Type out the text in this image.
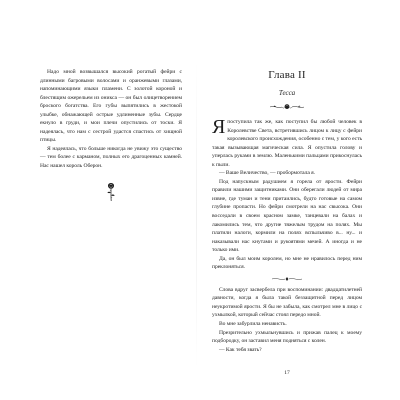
Надо мной возвышался высокий рогатый фейри с длинными багровыми волосами и оранжевыми глазами, напоминающими языки пламени. С золотой короной и блестящим ожерельем из оникса — он был олицетворением броского богатства. Его губы выпятились в жестокой улыбке, обнажающей острые удлиненные зубы. Сердце екнуло в груди, и мои плечи опустились от тоски. Я надеялась, что нам с сестрой удастся спастись от хищной птицы.

Я надеялась, что больше никогда не увижу это существо — тем более с карманом, полных его драгоценных камней. Нас нашел король Оберон.

Глава II
Тесса

Япоступила так же, как поступил бы любой человек в Королевстве Света, встретившись лицом к лицу с фейри королевского происхождения, особенно с тем, у кого есть такая вызывающая магическая сила. Я опустила голову и уперлась руками в землю. Маленькими пальцами прикоснулась к пыли.

— Ваше Величество, — пробормотала я.

Под напускным радушием я горела от ярости. Фейри правили нашими защитниками. Они оберегали людей от мира извне, где туман и тени притаились, будто готовые на самом глубине пропасти. Но фейри смотрели на нас свысока. Они восседали в своем красном замке, танцевали на балах и лакомились тем, что другие тяжелым трудом на полях. Мы платили налоги, кормили на полях вспыльчиво в... ну... и наказывали нас кнутами и рукоятями мечей. А иногда и не только ими.

Да, он был моим королем, но мне не нравилось перед ним преклоняться.

Слова вдруг засвербела при воспоминании: двадцатилетней давности, когда я была такой беззащитной перед лицом неукротимой ярости. Я бы не забыла, как смотрел мне в лицо с ухмылкой, который сейчас стоял передо мной.

Во мне забурлила ненависть.

Презрительно ухмыльнувшись и прижав палец к моему подбородку, он заставил меня подняться с колен.

— Как тебя звать?

17
